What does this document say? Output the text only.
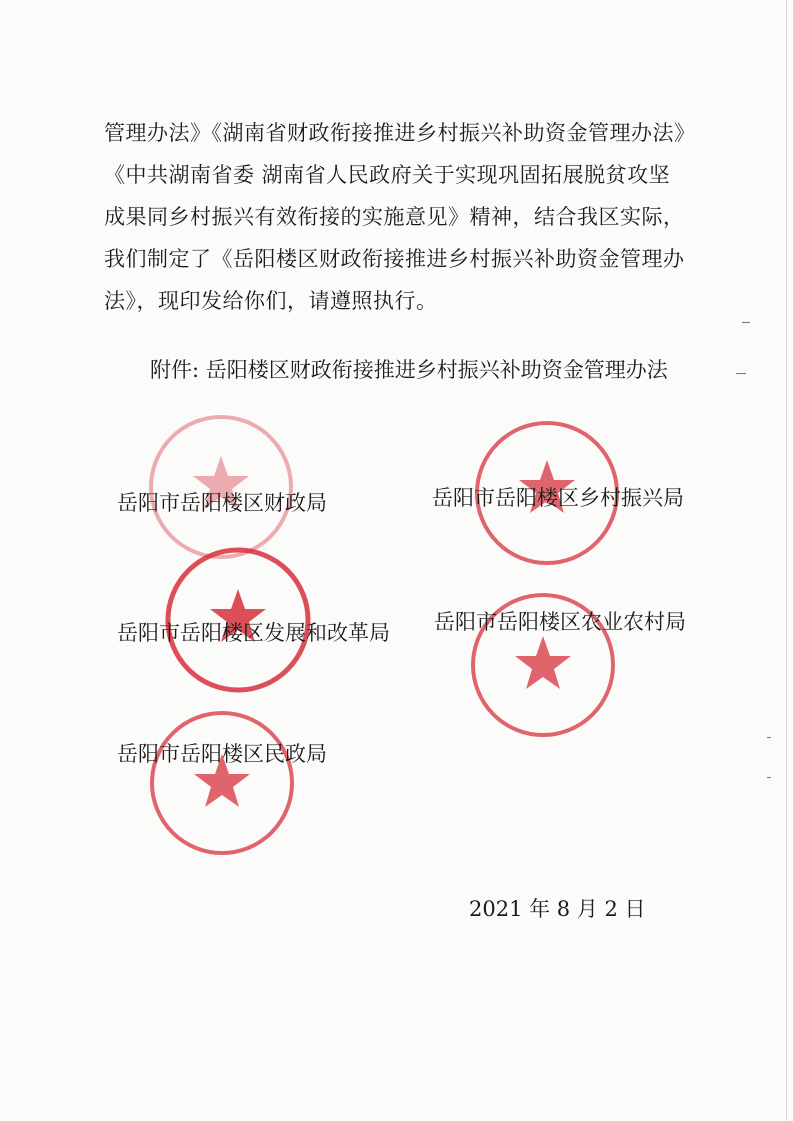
管理办法》《湖南省财政衔接推进乡村振兴补助资金管理办法》

《中共湖南省委 湖南省人民政府关于实现巩固拓展脱贫攻坚

成果同乡村振兴有效衔接的实施意见》精神，结合我区实际，

我们制定了《岳阳楼区财政衔接推进乡村振兴补助资金管理办

法》，现印发给你们，请遵照执行。

附件: 岳阳楼区财政衔接推进乡村振兴补助资金管理办法
岳阳市岳阳楼区财政局	岳阳市岳阳楼区乡村振兴局
岳阳市岳阳楼区发展和改革局 岳阳市岳阳楼区农业农村局
岳阳市岳阳楼区民政局
2021 年 8 月 2 日
